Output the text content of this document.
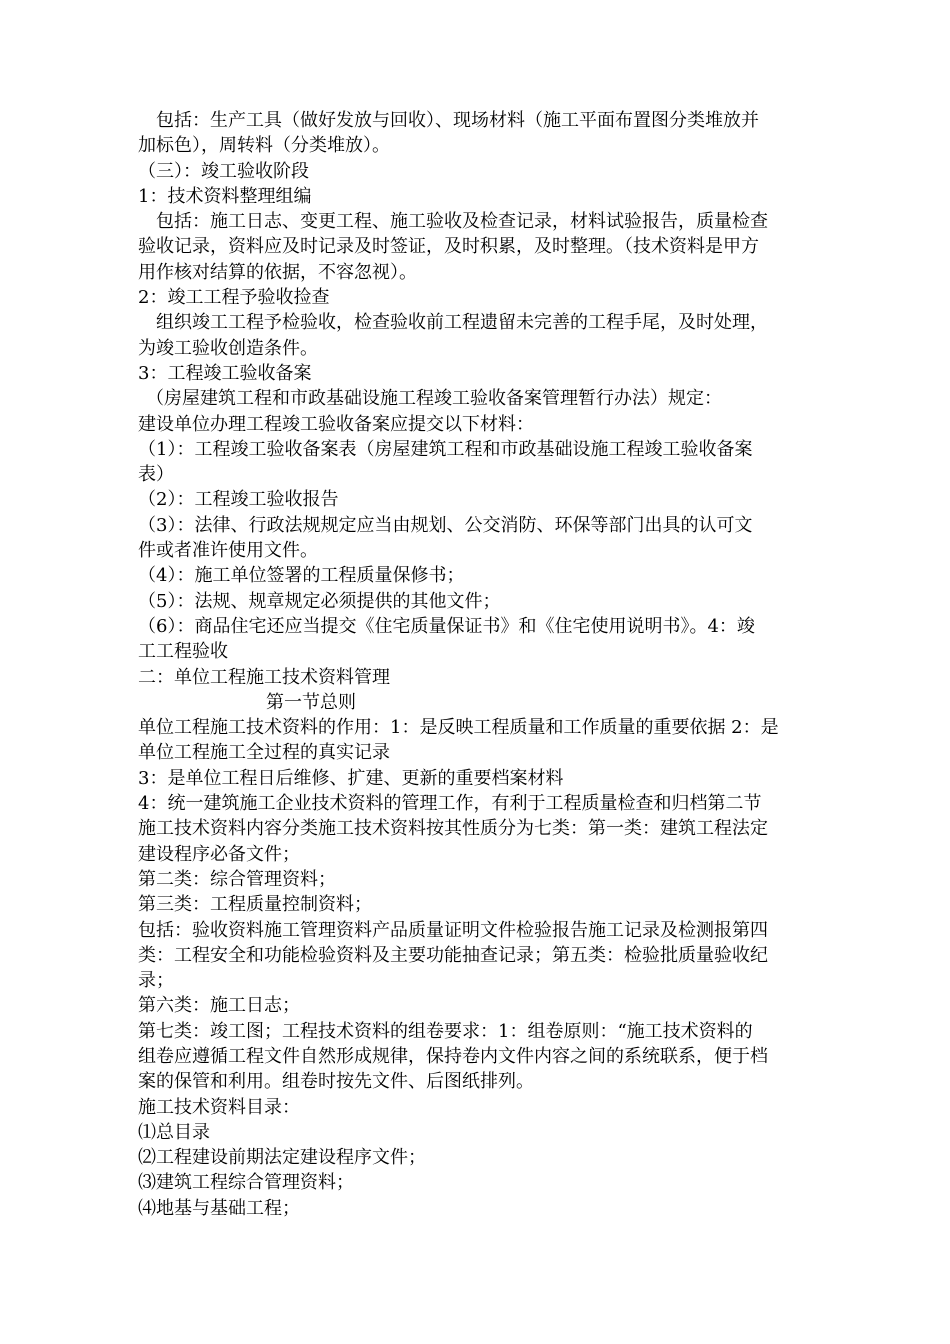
包括：生产工具（做好发放与回收）、现场材料（施工平面布置图分类堆放并
加标色），周转料（分类堆放）。
（三）：竣工验收阶段
1：技术资料整理组编
包括：施工日志、变更工程、施工验收及检查记录，材料试验报告，质量检查
验收记录，资料应及时记录及时签证，及时积累，及时整理。（技术资料是甲方
用作核对结算的依据，不容忽视）。
2：竣工工程予验收捡查
组织竣工工程予检验收，检查验收前工程遗留未完善的工程手尾，及时处理，
为竣工验收创造条件。
3：工程竣工验收备案
（房屋建筑工程和市政基础设施工程竣工验收备案管理暂行办法）规定：
建设单位办理工程竣工验收备案应提交以下材料：
（1）：工程竣工验收备案表（房屋建筑工程和市政基础设施工程竣工验收备案
表）
（2）：工程竣工验收报告
（3）：法律、行政法规规定应当由规划、公交消防、环保等部门出具的认可文
件或者准许使用文件。
（4）：施工单位签署的工程质量保修书；
（5）：法规、规章规定必须提供的其他文件；
（6）：商品住宅还应当提交《住宅质量保证书》和《住宅使用说明书》。4：竣
工工程验收
二：单位工程施工技术资料管理
第一节总则
单位工程施工技术资料的作用：1：是反映工程质量和工作质量的重要依据 2：是
单位工程施工全过程的真实记录
3：是单位工程日后维修、扩建、更新的重要档案材料
4：统一建筑施工企业技术资料的管理工作，有利于工程质量检查和归档第二节
施工技术资料内容分类施工技术资料按其性质分为七类：第一类：建筑工程法定
建设程序必备文件；
第二类：综合管理资料；
第三类：工程质量控制资料；
包括：验收资料施工管理资料产品质量证明文件检验报告施工记录及检测报第四
类：工程安全和功能检验资料及主要功能抽查记录；第五类：检验批质量验收纪
录；
第六类：施工日志；
第七类：竣工图；工程技术资料的组卷要求：1：组卷原则：“施工技术资料的
组卷应遵循工程文件自然形成规律，保持卷内文件内容之间的系统联系，便于档
案的保管和利用。组卷时按先文件、后图纸排列。
施工技术资料目录：
⑴总目录
⑵工程建设前期法定建设程序文件；
⑶建筑工程综合管理资料；
⑷地基与基础工程；
